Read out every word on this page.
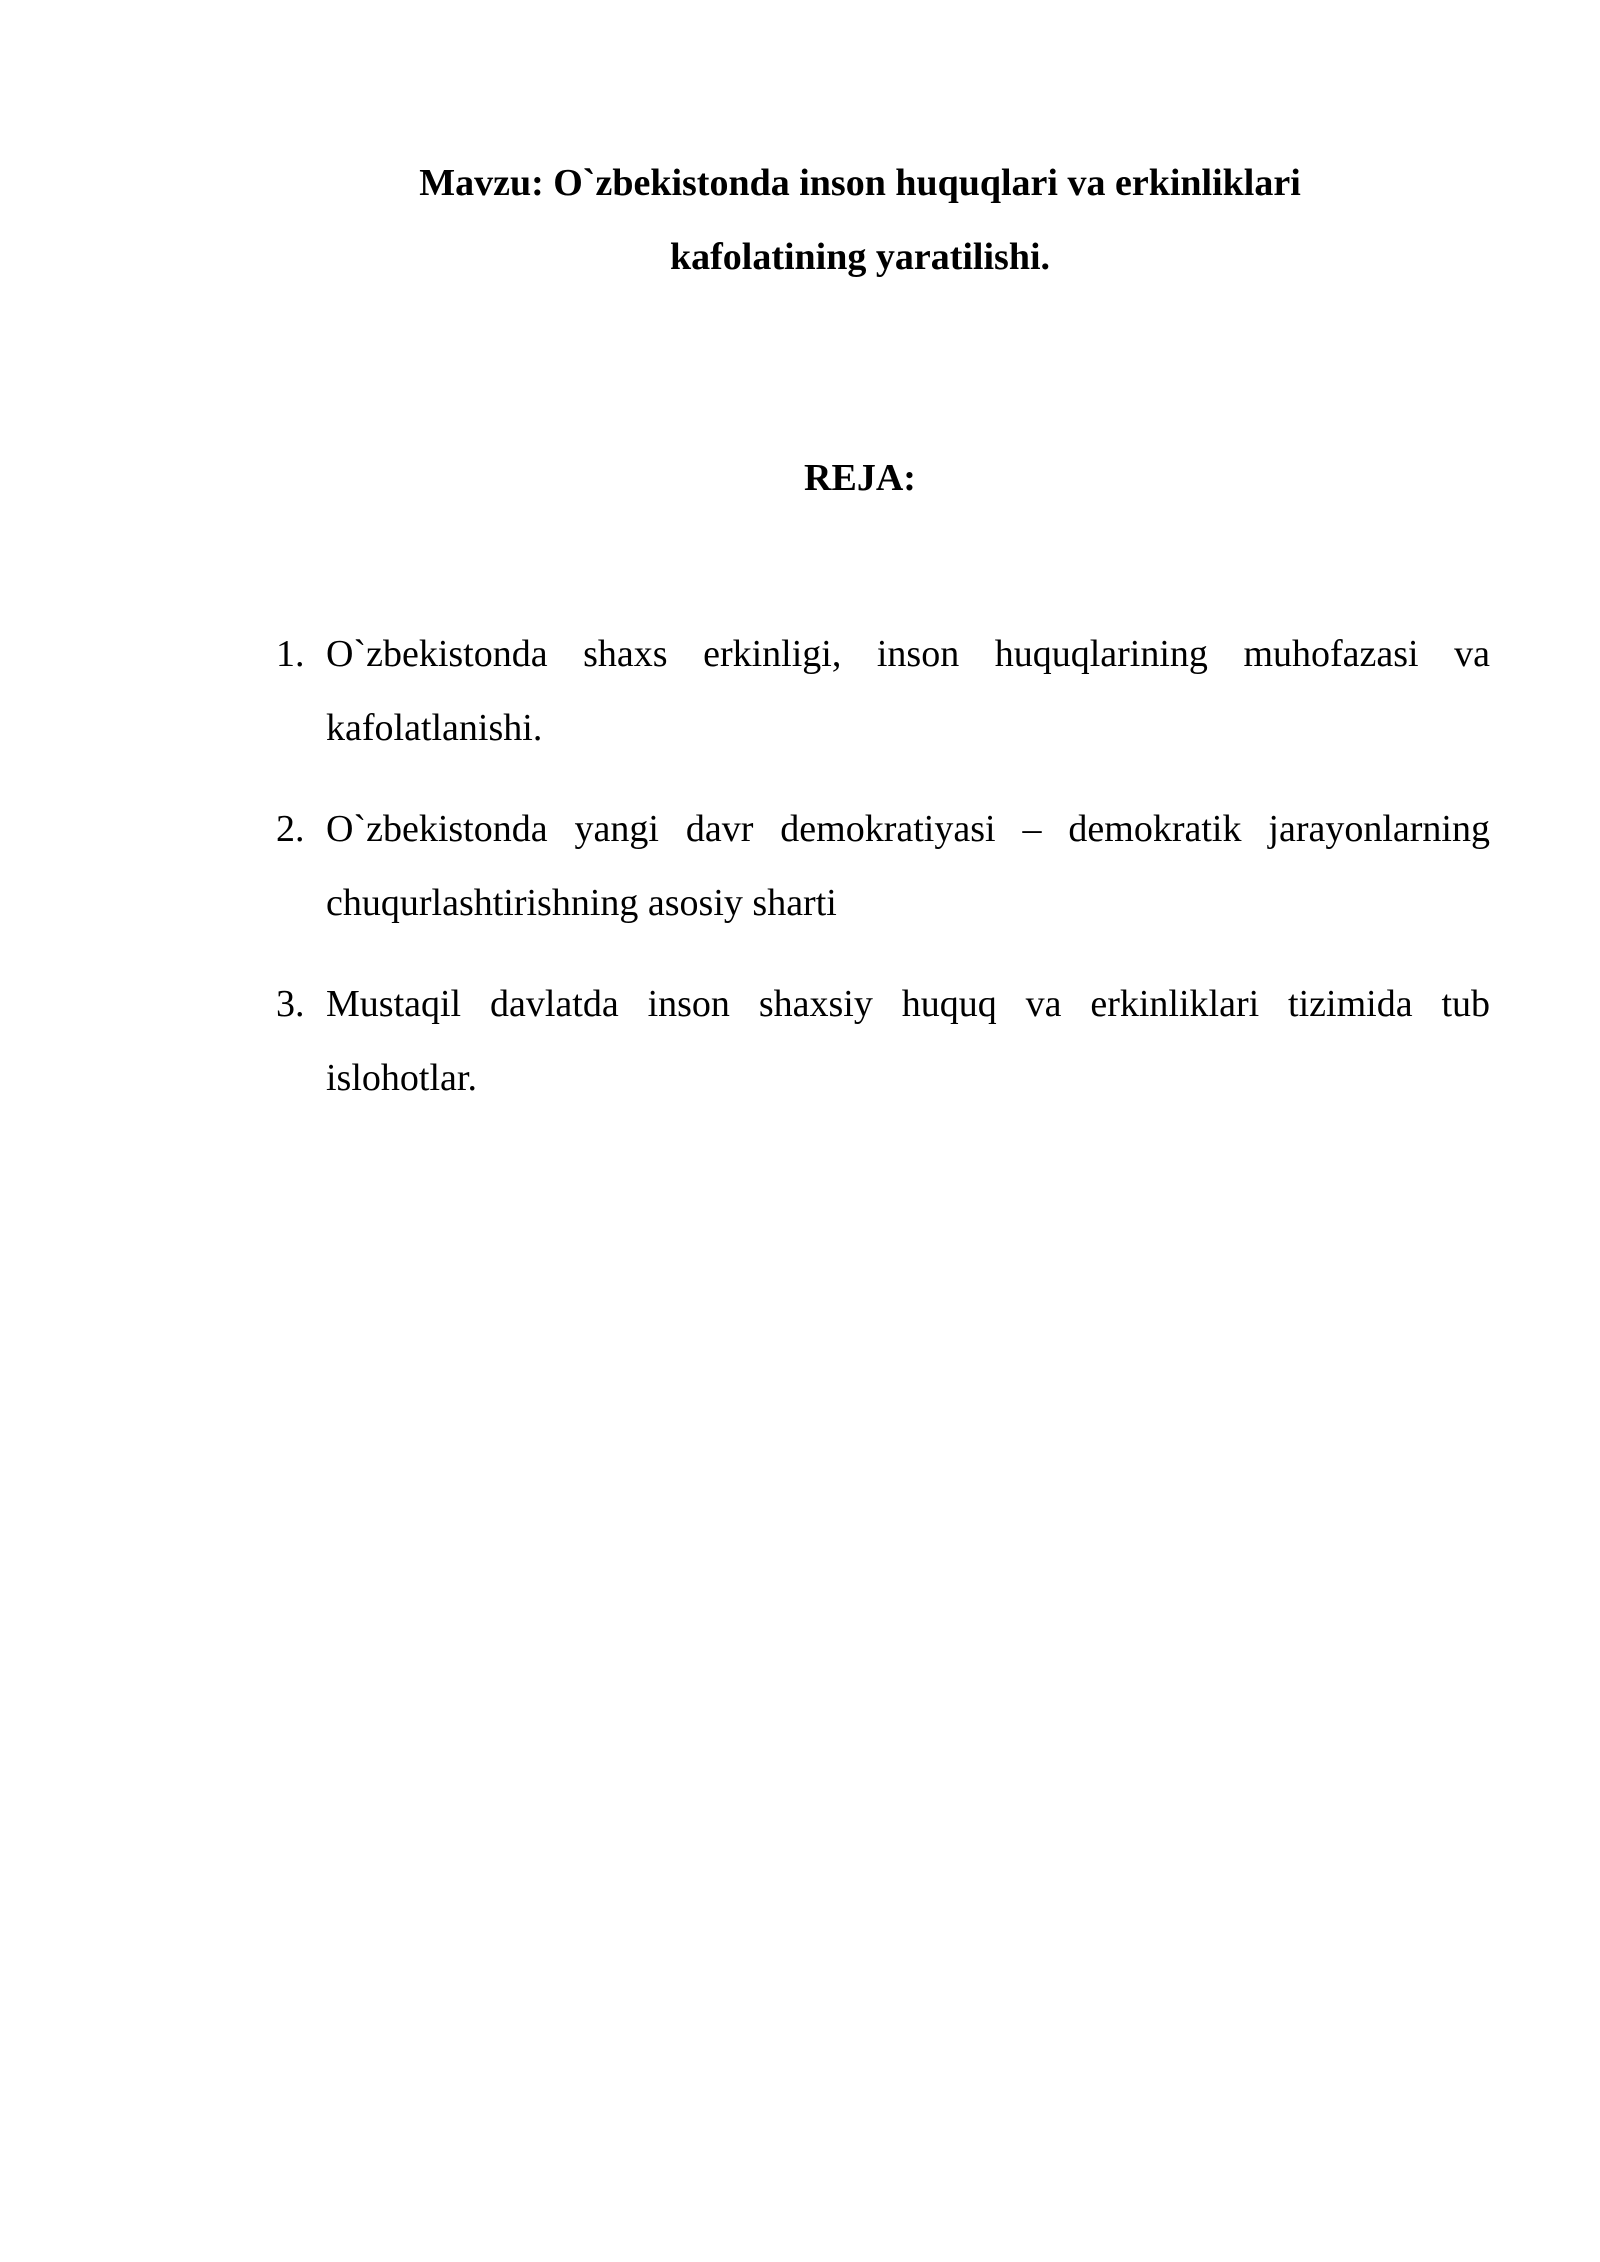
Mavzu: O`zbekistonda inson huquqlari va erkinliklari
kafolatining yaratilishi.
REJA:
1. O`zbekistonda shaxs erkinligi, inson huquqlarining muhofazasi va kafolatlanishi.
2. O`zbekistonda yangi davr demokratiyasi – demokratik jarayonlarning chuqurlashtirishning asosiy sharti
3. Mustaqil davlatda inson shaxsiy huquq va erkinliklari tizimida tub islohotlar.
